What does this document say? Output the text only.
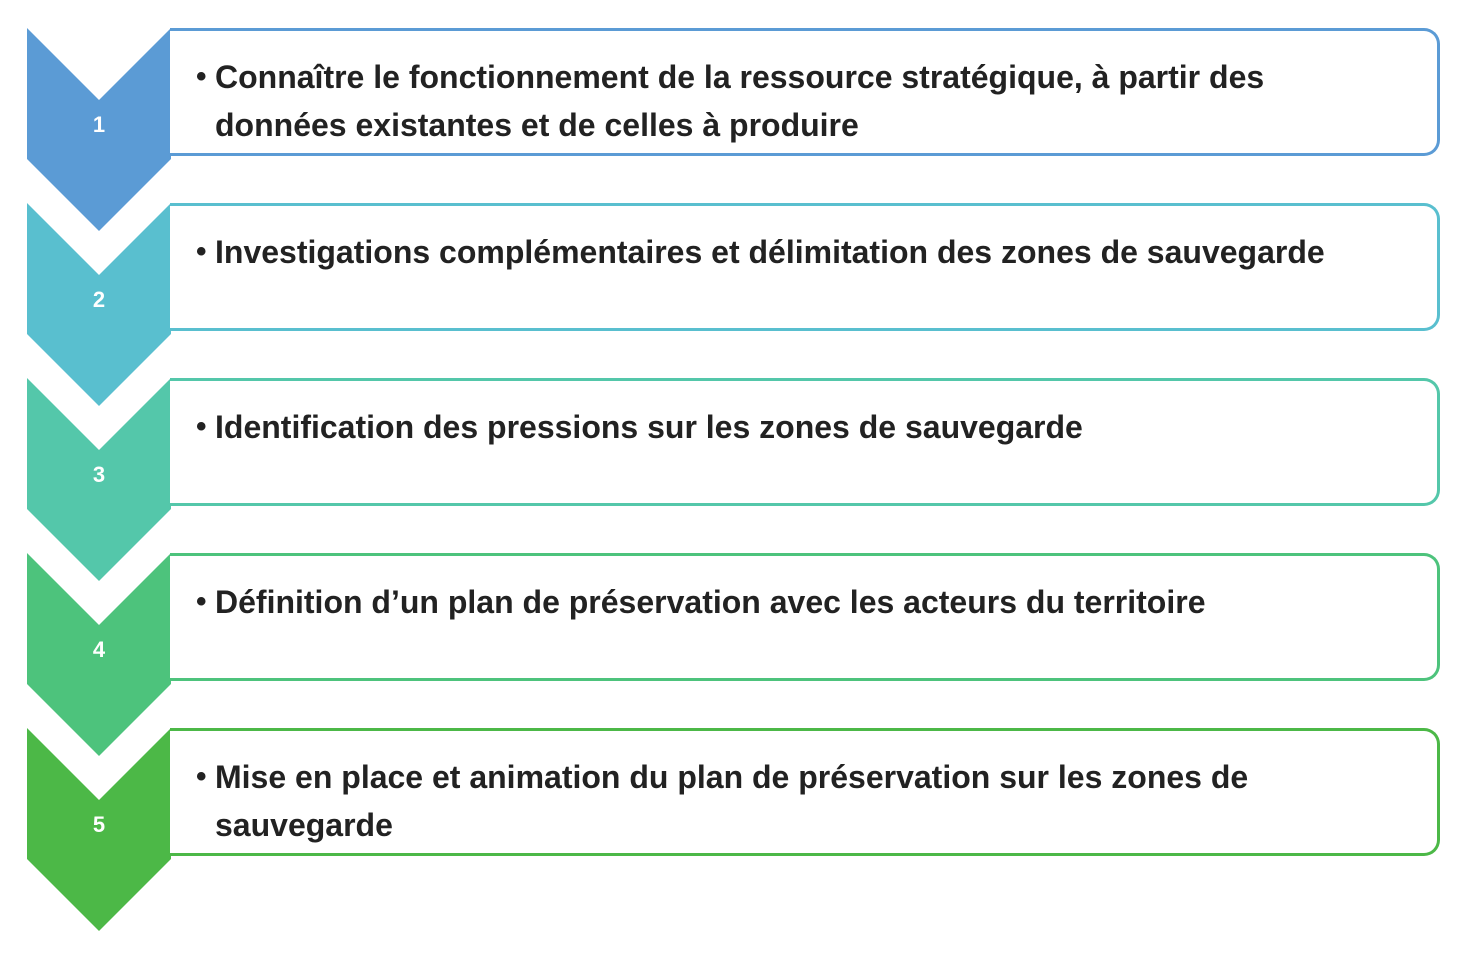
1
• Connaître le fonctionnement de la ressource stratégique, à partir des données existantes et de celles à produire
2
• Investigations complémentaires et délimitation des zones de sauvegarde
3
• Identification des pressions sur les zones de sauvegarde
4
• Définition d’un plan de préservation avec les acteurs du territoire
5
• Mise en place et animation du plan de préservation sur les zones de sauvegarde
